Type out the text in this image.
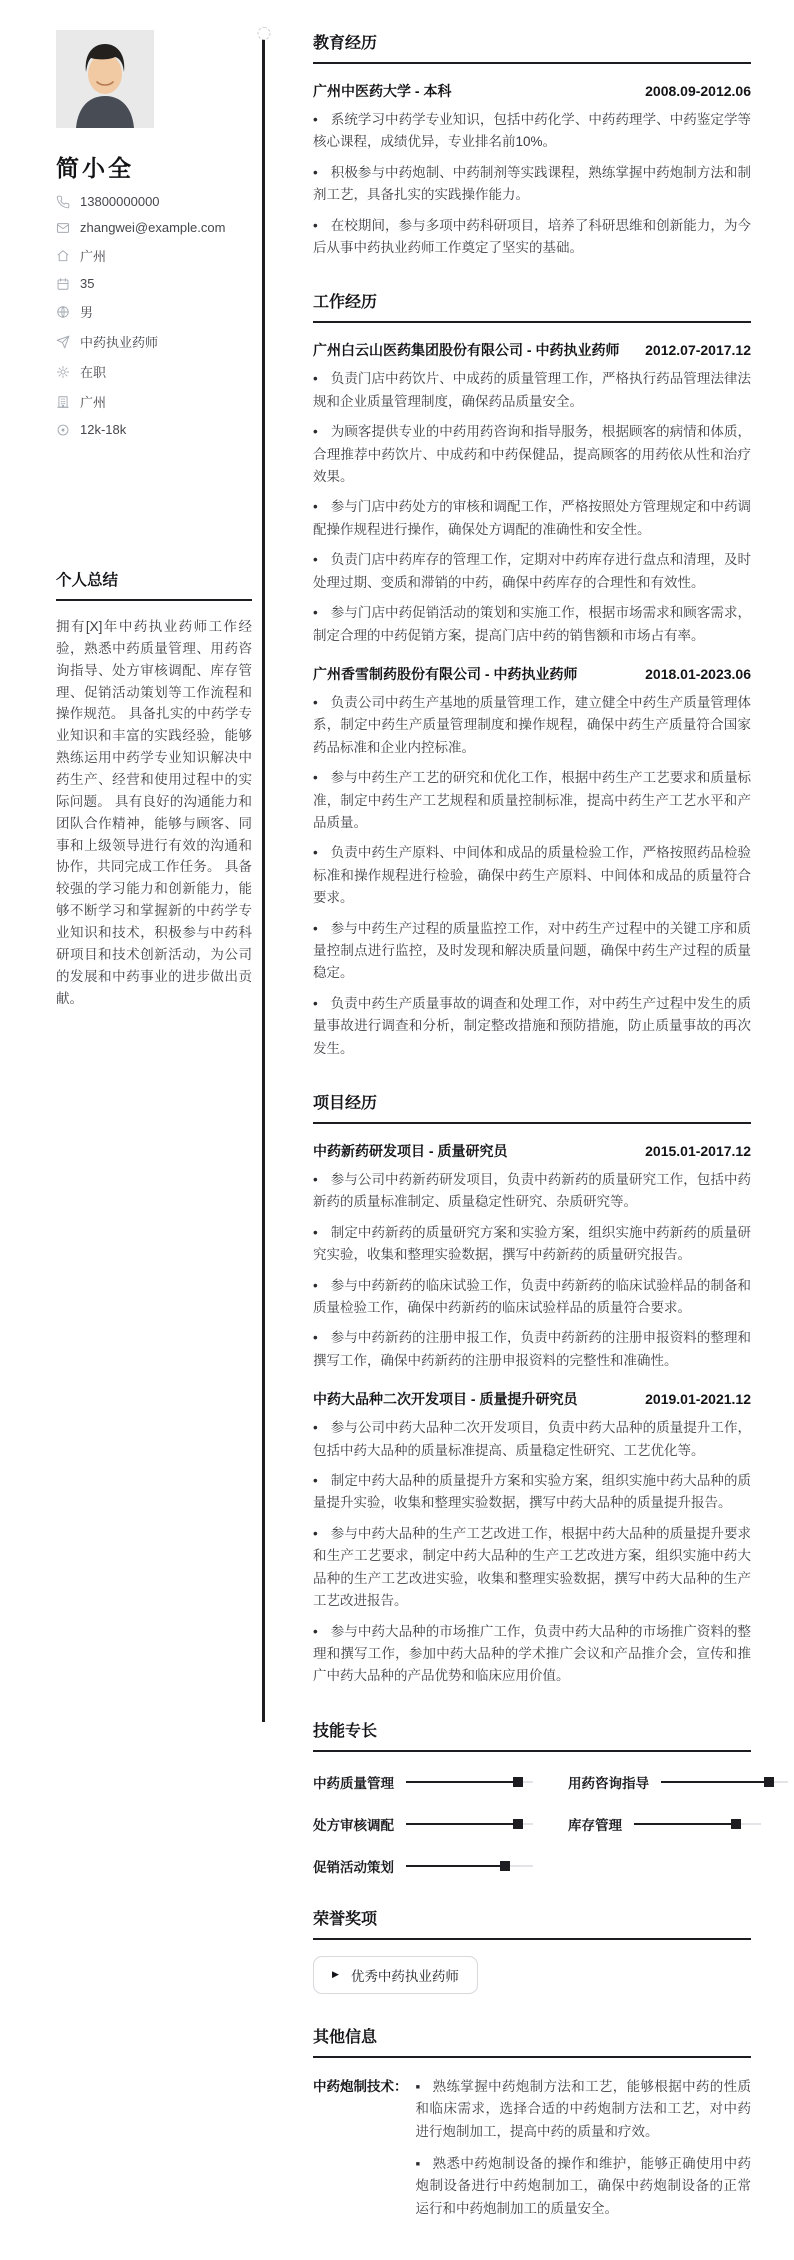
简小全
13800000000
zhangwei@example.com
广州
35
男
中药执业药师
在职
广州
12k-18k
个人总结

拥有[X]年中药执业药师工作经验，熟悉中药质量管理、用药咨询指导、处方审核调配、库存管理、促销活动策划等工作流程和操作规范。 具备扎实的中药学专业知识和丰富的实践经验，能够熟练运用中药学专业知识解决中药生产、经营和使用过程中的实际问题。 具有良好的沟通能力和团队合作精神，能够与顾客、同事和上级领导进行有效的沟通和协作，共同完成工作任务。 具备较强的学习能力和创新能力，能够不断学习和掌握新的中药学专业知识和技术，积极参与中药科研项目和技术创新活动，为公司的发展和中药事业的进步做出贡献。

教育经历
广州中医药大学 - 本科	2008.09-2012.06
• 系统学习中药学专业知识，包括中药化学、中药药理学、中药鉴定学等核心课程，成绩优异，专业排名前10%。
• 积极参与中药炮制、中药制剂等实践课程，熟练掌握中药炮制方法和制剂工艺，具备扎实的实践操作能力。
• 在校期间，参与多项中药科研项目，培养了科研思维和创新能力，为今后从事中药执业药师工作奠定了坚实的基础。
工作经历
广州白云山医药集团股份有限公司 - 中药执业药师 2012.07-2017.12
• 负责门店中药饮片、中成药的质量管理工作，严格执行药品管理法律法规和企业质量管理制度，确保药品质量安全。
• 为顾客提供专业的中药用药咨询和指导服务，根据顾客的病情和体质，合理推荐中药饮片、中成药和中药保健品，提高顾客的用药依从性和治疗效果。
• 参与门店中药处方的审核和调配工作，严格按照处方管理规定和中药调配操作规程进行操作，确保处方调配的准确性和安全性。
• 负责门店中药库存的管理工作，定期对中药库存进行盘点和清理，及时处理过期、变质和滞销的中药，确保中药库存的合理性和有效性。
• 参与门店中药促销活动的策划和实施工作，根据市场需求和顾客需求，制定合理的中药促销方案，提高门店中药的销售额和市场占有率。
广州香雪制药股份有限公司 - 中药执业药师	2018.01-2023.06
• 负责公司中药生产基地的质量管理工作，建立健全中药生产质量管理体系，制定中药生产质量管理制度和操作规程，确保中药生产质量符合国家药品标准和企业内控标准。
• 参与中药生产工艺的研究和优化工作，根据中药生产工艺要求和质量标准，制定中药生产工艺规程和质量控制标准，提高中药生产工艺水平和产品质量。
• 负责中药生产原料、中间体和成品的质量检验工作，严格按照药品检验标准和操作规程进行检验，确保中药生产原料、中间体和成品的质量符合要求。
• 参与中药生产过程的质量监控工作，对中药生产过程中的关键工序和质量控制点进行监控，及时发现和解决质量问题，确保中药生产过程的质量稳定。
• 负责中药生产质量事故的调查和处理工作，对中药生产过程中发生的质量事故进行调查和分析，制定整改措施和预防措施，防止质量事故的再次发生。
项目经历
中药新药研发项目 - 质量研究员	2015.01-2017.12
• 参与公司中药新药研发项目，负责中药新药的质量研究工作，包括中药新药的质量标准制定、质量稳定性研究、杂质研究等。
• 制定中药新药的质量研究方案和实验方案，组织实施中药新药的质量研究实验，收集和整理实验数据，撰写中药新药的质量研究报告。
• 参与中药新药的临床试验工作，负责中药新药的临床试验样品的制备和质量检验工作，确保中药新药的临床试验样品的质量符合要求。
• 参与中药新药的注册申报工作，负责中药新药的注册申报资料的整理和撰写工作，确保中药新药的注册申报资料的完整性和准确性。
中药大品种二次开发项目 - 质量提升研究员	2019.01-2021.12
• 参与公司中药大品种二次开发项目，负责中药大品种的质量提升工作，包括中药大品种的质量标准提高、质量稳定性研究、工艺优化等。
• 制定中药大品种的质量提升方案和实验方案，组织实施中药大品种的质量提升实验，收集和整理实验数据，撰写中药大品种的质量提升报告。
• 参与中药大品种的生产工艺改进工作，根据中药大品种的质量提升要求和生产工艺要求，制定中药大品种的生产工艺改进方案，组织实施中药大品种的生产工艺改进实验，收集和整理实验数据，撰写中药大品种的生产工艺改进报告。
• 参与中药大品种的市场推广工作，负责中药大品种的市场推广资料的整理和撰写工作，参加中药大品种的学术推广会议和产品推介会，宣传和推广中药大品种的产品优势和临床应用价值。
技能专长
中药质量管理	用药咨询指导
处方审核调配	库存管理
促销活动策划
荣誉奖项
▶ 优秀中药执业药师
其他信息
中药炮制技术：	▪ 熟练掌握中药炮制方法和工艺，能够根据中药的性质和临床需求，选择合适的中药炮制方法和工艺，对中药进行炮制加工，提高中药的质量和疗效。
▪ 熟悉中药炮制设备的操作和维护，能够正确使用中药炮制设备进行中药炮制加工，确保中药炮制设备的正常运行和中药炮制加工的质量安全。
